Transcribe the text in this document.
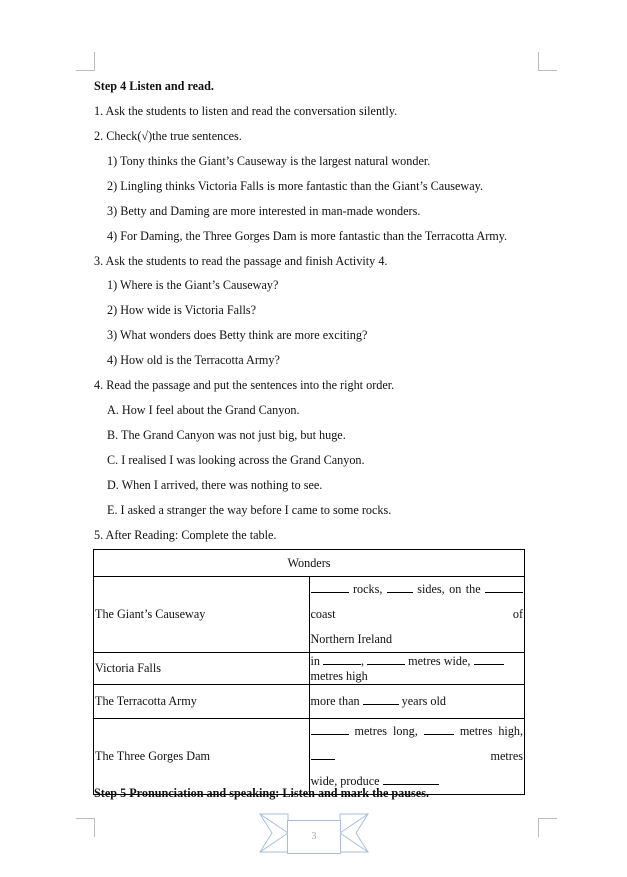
Step 4 Listen and read.
1. Ask the students to listen and read the conversation silently.
2. Check(√)the true sentences.
1) Tony thinks the Giant’s Causeway is the largest natural wonder.
2) Lingling thinks Victoria Falls is more fantastic than the Giant’s Causeway.
3) Betty and Daming are more interested in man-made wonders.
4) For Daming, the Three Gorges Dam is more fantastic than the Terracotta Army.
3. Ask the students to read the passage and finish Activity 4.
1) Where is the Giant’s Causeway?
2) How wide is Victoria Falls?
3) What wonders does Betty think are more exciting?
4) How old is the Terracotta Army?
4. Read the passage and put the sentences into the right order.
A. How I feel about the Grand Canyon.
B. The Grand Canyon was not just big, but huge.
C. I realised I was looking across the Grand Canyon.
D. When I arrived, there was nothing to see.
E. I asked a stranger the way before I came to some rocks.
5. After Reading: Complete the table.
Wonders	
The Giant’s Causeway	rocks, sides, on the  coast of
Northern Ireland

Victoria Falls	in , metres wide,  metres high
The Terracotta Army	more than years old
The Three Gorges Dam	metres long, metres high,  metres
wide, produce
Step 5 Pronunciation and speaking: Listen and mark the pauses.
3
